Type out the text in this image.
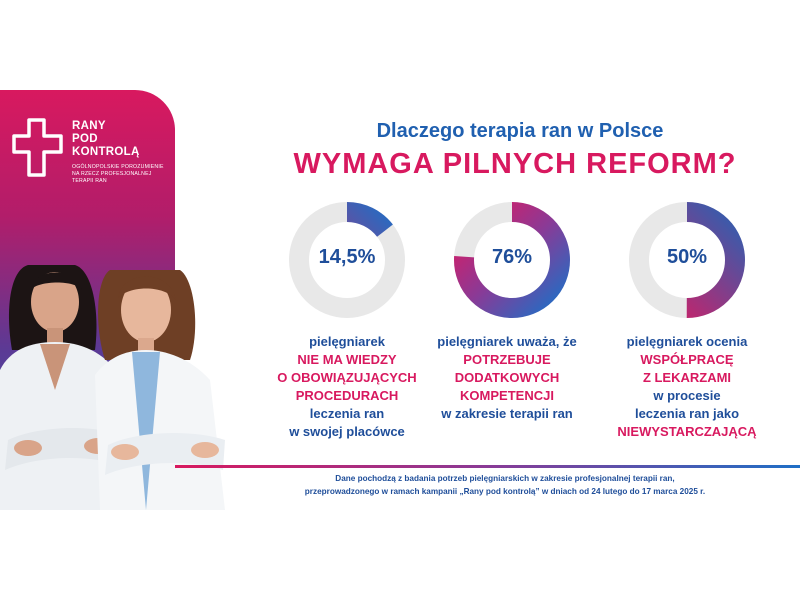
RANY
POD
KONTROLĄ
OGÓLNOPOLSKIE POROZUMIENIE
NA RZECZ PROFESJONALNEJ
TERAPII RAN
Dlaczego terapia ran w Polsce
WYMAGA PILNYCH REFORM?
14,5%	76%	50%
pielęgniarek
NIE MA WIEDZY
O OBOWIĄZUJĄCYCH
PROCEDURACH
leczenia ran
w swojej placówce
pielęgniarek uważa, że
POTRZEBUJE
DODATKOWYCH
KOMPETENCJI
w zakresie terapii ran
pielęgniarek ocenia
WSPÓŁPRACĘ
Z LEKARZAMI
w procesie
leczenia ran jako
NIEWYSTARCZAJĄCĄ
Dane pochodzą z badania potrzeb pielęgniarskich w zakresie profesjonalnej terapii ran,
przeprowadzonego w ramach kampanii „Rany pod kontrolą” w dniach od 24 lutego do 17 marca 2025 r.
